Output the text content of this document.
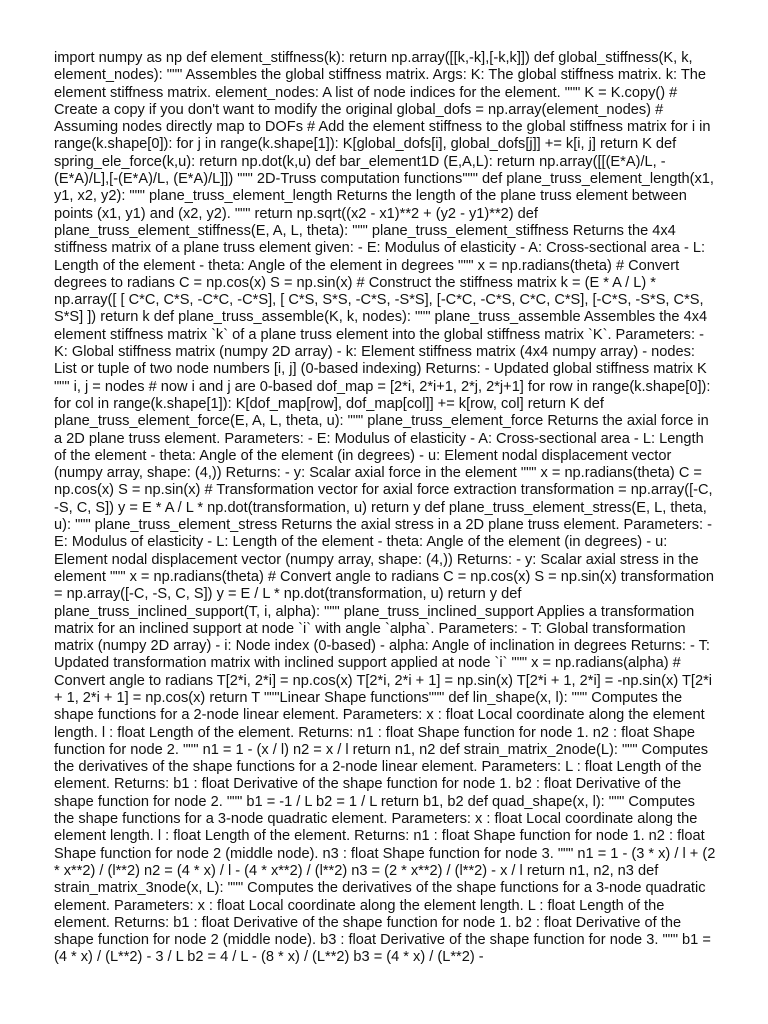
import numpy as np def element_stiffness(k): return np.array([[k,-k],[-k,k]]) def global_stiffness(K, k, element_nodes): """ Assembles the global stiffness matrix. Args: K: The global stiffness matrix. k: The element stiffness matrix. element_nodes: A list of node indices for the element. """ K = K.copy() # Create a copy if you don't want to modify the original global_dofs = np.array(element_nodes) # Assuming nodes directly map to DOFs # Add the element stiffness to the global stiffness matrix for i in range(k.shape[0]): for j in range(k.shape[1]): K[global_dofs[i], global_dofs[j]] += k[i, j] return K def spring_ele_force(k,u): return np.dot(k,u) def bar_element1D (E,A,L): return np.array([[(E*A)/L, -(E*A)/L],[-(E*A)/L, (E*A)/L]]) """ 2D-Truss computation functions""" def plane_truss_element_length(x1, y1, x2, y2): """ plane_truss_element_length Returns the length of the plane truss element between points (x1, y1) and (x2, y2). """ return np.sqrt((x2 - x1)**2 + (y2 - y1)**2) def plane_truss_element_stiffness(E, A, L, theta): """ plane_truss_element_stiffness Returns the 4x4 stiffness matrix of a plane truss element given: - E: Modulus of elasticity - A: Cross-sectional area - L: Length of the element - theta: Angle of the element in degrees """ x = np.radians(theta) # Convert degrees to radians C = np.cos(x) S = np.sin(x) # Construct the stiffness matrix k = (E * A / L) * np.array([ [ C*C, C*S, -C*C, -C*S], [ C*S, S*S, -C*S, -S*S], [-C*C, -C*S, C*C, C*S], [-C*S, -S*S, C*S, S*S] ]) return k def plane_truss_assemble(K, k, nodes): """ plane_truss_assemble Assembles the 4x4 element stiffness matrix `k` of a plane truss element into the global stiffness matrix `K`. Parameters: - K: Global stiffness matrix (numpy 2D array) - k: Element stiffness matrix (4x4 numpy array) - nodes: List or tuple of two node numbers [i, j] (0-based indexing) Returns: - Updated global stiffness matrix K """ i, j = nodes # now i and j are 0-based dof_map = [2*i, 2*i+1, 2*j, 2*j+1] for row in range(k.shape[0]): for col in range(k.shape[1]): K[dof_map[row], dof_map[col]] += k[row, col] return K def plane_truss_element_force(E, A, L, theta, u): """ plane_truss_element_force Returns the axial force in a 2D plane truss element. Parameters: - E: Modulus of elasticity - A: Cross-sectional area - L: Length of the element - theta: Angle of the element (in degrees) - u: Element nodal displacement vector (numpy array, shape: (4,)) Returns: - y: Scalar axial force in the element """ x = np.radians(theta) C = np.cos(x) S = np.sin(x) # Transformation vector for axial force extraction transformation = np.array([-C, -S, C, S]) y = E * A / L * np.dot(transformation, u) return y def plane_truss_element_stress(E, L, theta, u): """ plane_truss_element_stress Returns the axial stress in a 2D plane truss element. Parameters: - E: Modulus of elasticity - L: Length of the element - theta: Angle of the element (in degrees) - u: Element nodal displacement vector (numpy array, shape: (4,)) Returns: - y: Scalar axial stress in the element """ x = np.radians(theta) # Convert angle to radians C = np.cos(x) S = np.sin(x) transformation = np.array([-C, -S, C, S]) y = E / L * np.dot(transformation, u) return y def plane_truss_inclined_support(T, i, alpha): """ plane_truss_inclined_support Applies a transformation matrix for an inclined support at node `i` with angle `alpha`. Parameters: - T: Global transformation matrix (numpy 2D array) - i: Node index (0-based) - alpha: Angle of inclination in degrees Returns: - T: Updated transformation matrix with inclined support applied at node `i` """ x = np.radians(alpha) # Convert angle to radians T[2*i, 2*i] = np.cos(x) T[2*i, 2*i + 1] = np.sin(x) T[2*i + 1, 2*i] = -np.sin(x) T[2*i + 1, 2*i + 1] = np.cos(x) return T """Linear Shape functions""" def lin_shape(x, l): """ Computes the shape functions for a 2-node linear element. Parameters: x : float Local coordinate along the element length. l : float Length of the element. Returns: n1 : float Shape function for node 1. n2 : float Shape function for node 2. """ n1 = 1 - (x / l) n2 = x / l return n1, n2 def strain_matrix_2node(L): """ Computes the derivatives of the shape functions for a 2-node linear element. Parameters: L : float Length of the element. Returns: b1 : float Derivative of the shape function for node 1. b2 : float Derivative of the shape function for node 2. """ b1 = -1 / L b2 = 1 / L return b1, b2 def quad_shape(x, l): """ Computes the shape functions for a 3-node quadratic element. Parameters: x : float Local coordinate along the element length. l : float Length of the element. Returns: n1 : float Shape function for node 1. n2 : float Shape function for node 2 (middle node). n3 : float Shape function for node 3. """ n1 = 1 - (3 * x) / l + (2 * x**2) / (l**2) n2 = (4 * x) / l - (4 * x**2) / (l**2) n3 = (2 * x**2) / (l**2) - x / l return n1, n2, n3 def strain_matrix_3node(x, L): """ Computes the derivatives of the shape functions for a 3-node quadratic element. Parameters: x : float Local coordinate along the element length. L : float Length of the element. Returns: b1 : float Derivative of the shape function for node 1. b2 : float Derivative of the shape function for node 2 (middle node). b3 : float Derivative of the shape function for node 3. """ b1 = (4 * x) / (L**2) - 3 / L b2 = 4 / L - (8 * x) / (L**2) b3 = (4 * x) / (L**2) -
